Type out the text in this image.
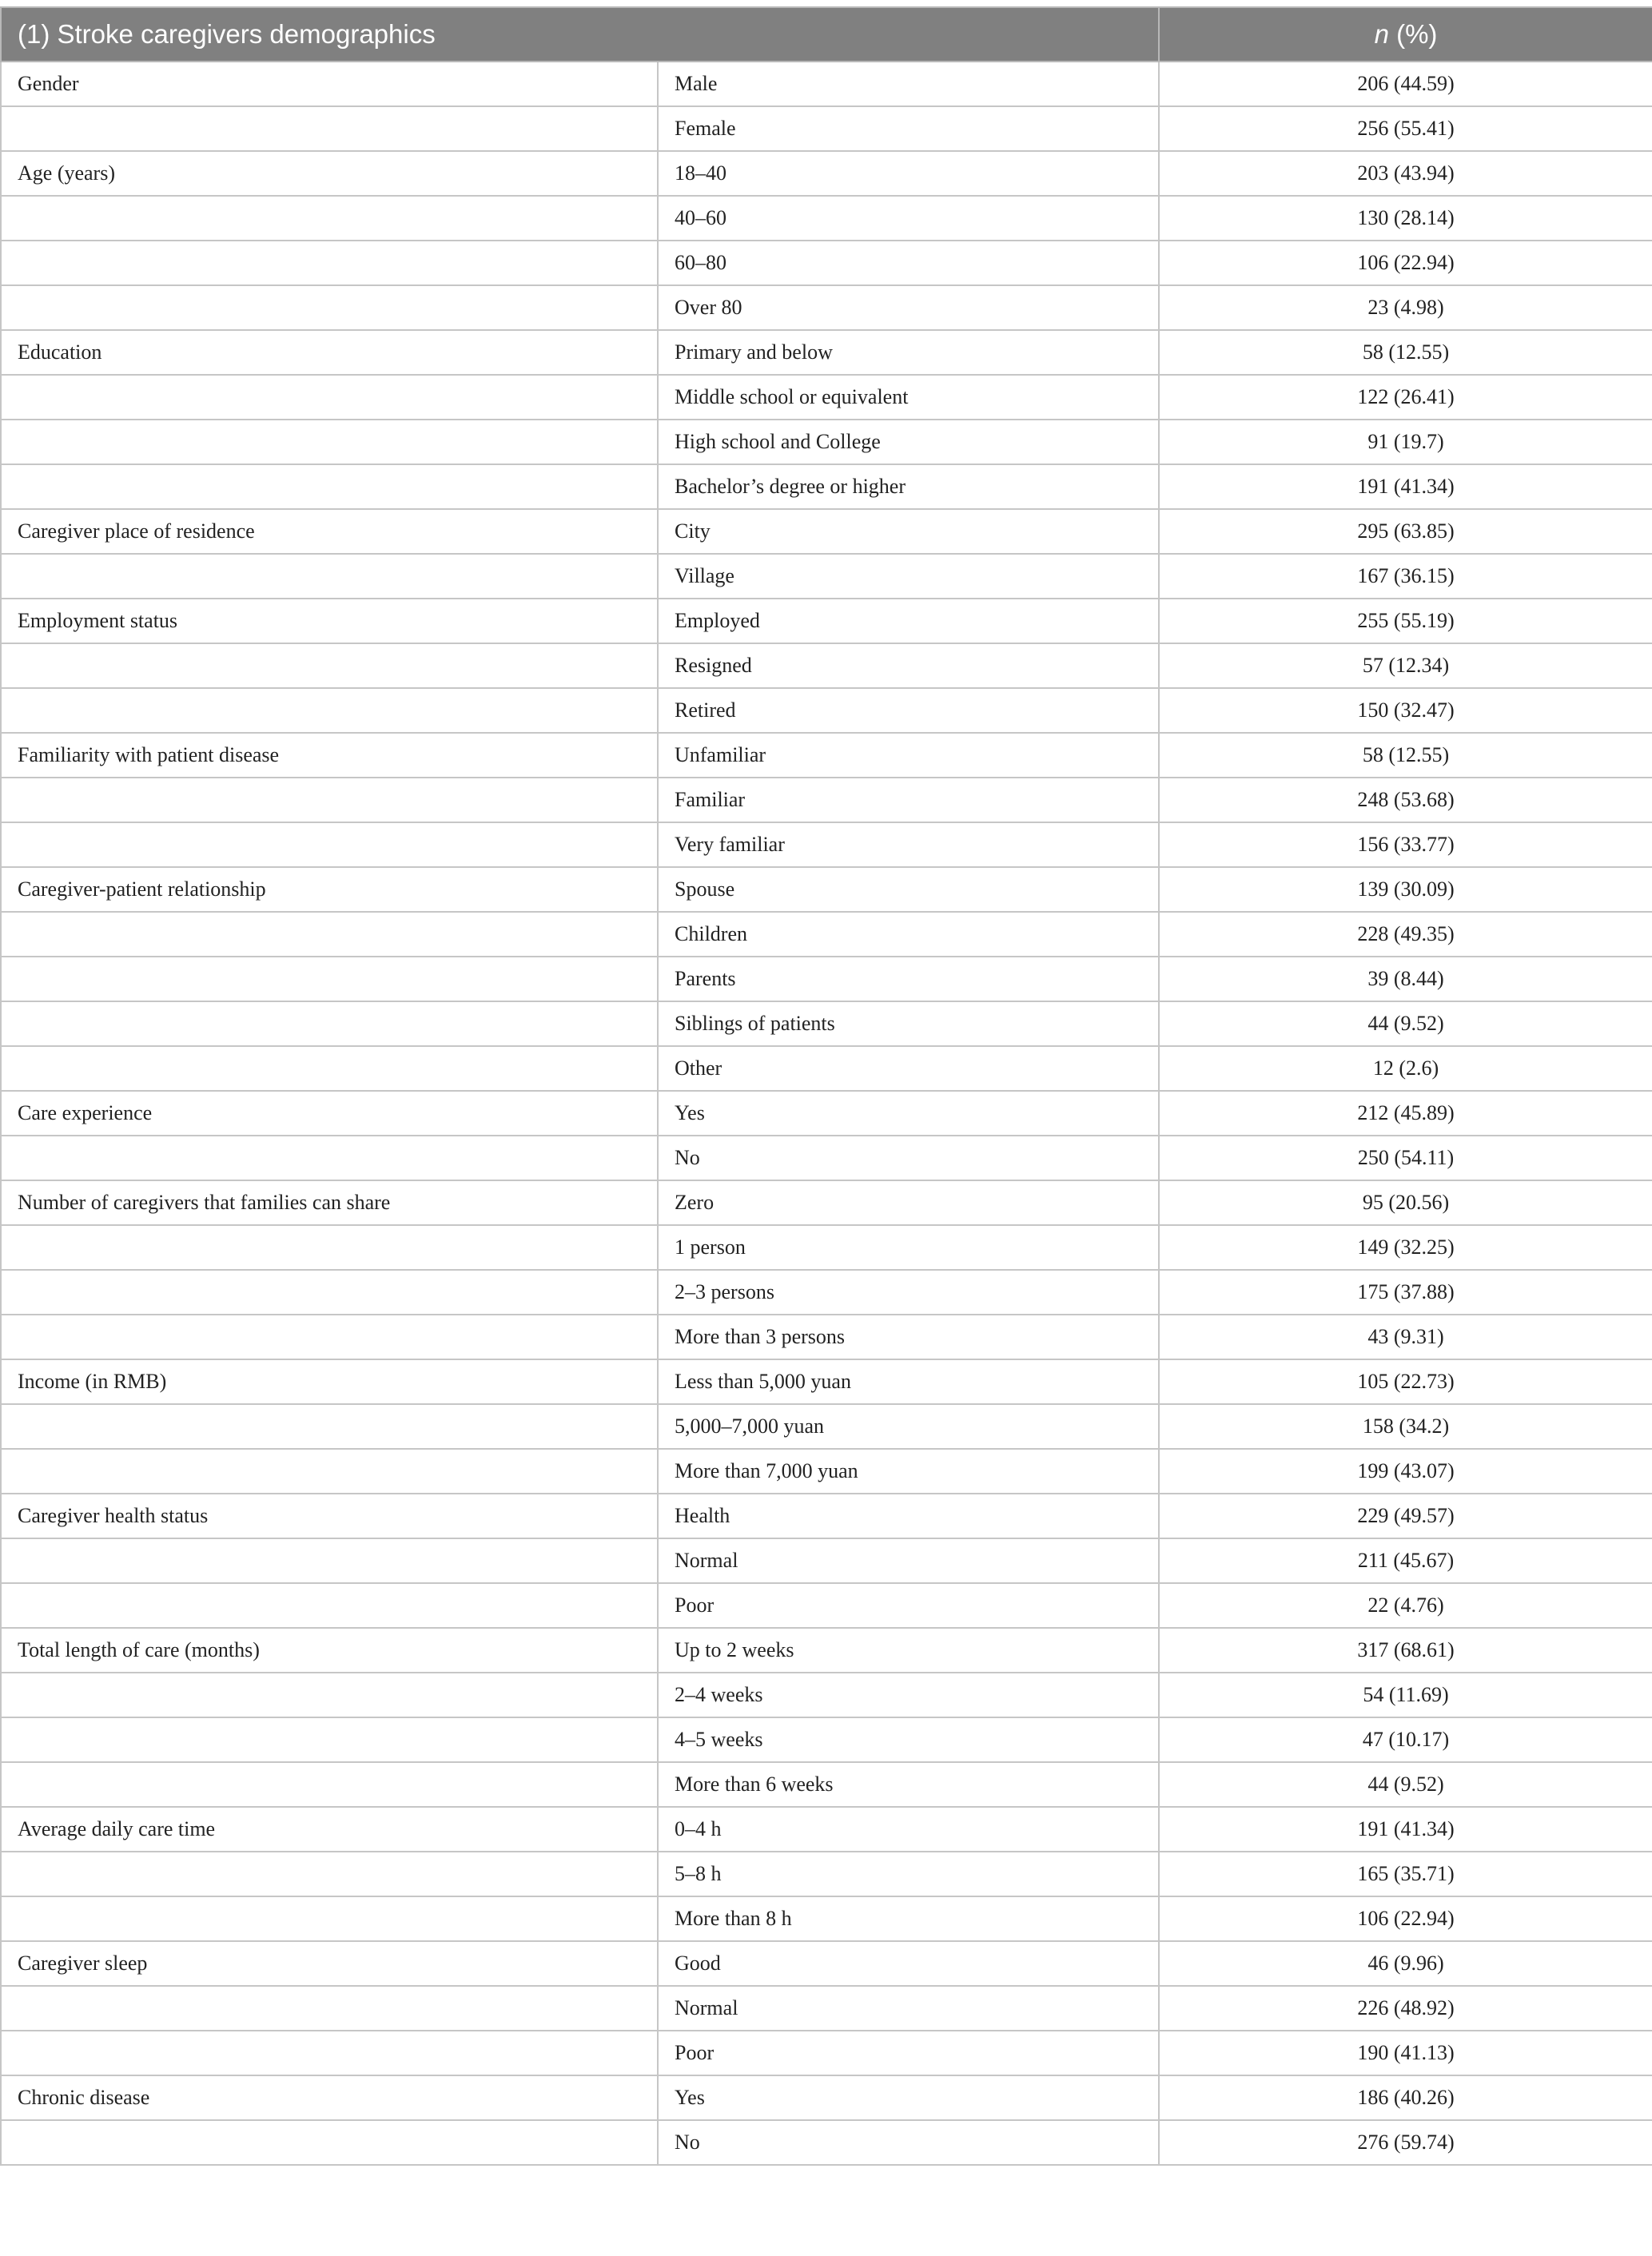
(1) Stroke caregivers demographics		n (%)
Gender	Male	206 (44.59)
	Female	256 (55.41)
Age (years)	18–40	203 (43.94)
	40–60	130 (28.14)
	60–80	106 (22.94)
	Over 80	23 (4.98)
Education	Primary and below	58 (12.55)
	Middle school or equivalent	122 (26.41)
	High school and College	91 (19.7)
	Bachelor’s degree or higher	191 (41.34)
Caregiver place of residence	City	295 (63.85)
	Village	167 (36.15)
Employment status	Employed	255 (55.19)
	Resigned	57 (12.34)
	Retired	150 (32.47)
Familiarity with patient disease	Unfamiliar	58 (12.55)
	Familiar	248 (53.68)
	Very familiar	156 (33.77)
Caregiver-patient relationship	Spouse	139 (30.09)
	Children	228 (49.35)
	Parents	39 (8.44)
	Siblings of patients	44 (9.52)
	Other	12 (2.6)
Care experience	Yes	212 (45.89)
	No	250 (54.11)
Number of caregivers that families can share	Zero	95 (20.56)
	1 person	149 (32.25)
	2–3 persons	175 (37.88)
	More than 3 persons	43 (9.31)
Income (in RMB)	Less than 5,000 yuan	105 (22.73)
	5,000–7,000 yuan	158 (34.2)
	More than 7,000 yuan	199 (43.07)
Caregiver health status	Health	229 (49.57)
	Normal	211 (45.67)
	Poor	22 (4.76)
Total length of care (months)	Up to 2 weeks	317 (68.61)
	2–4 weeks	54 (11.69)
	4–5 weeks	47 (10.17)
	More than 6 weeks	44 (9.52)
Average daily care time	0–4 h	191 (41.34)
	5–8 h	165 (35.71)
	More than 8 h	106 (22.94)
Caregiver sleep	Good	46 (9.96)
	Normal	226 (48.92)
	Poor	190 (41.13)
Chronic disease	Yes	186 (40.26)
	No	276 (59.74)
